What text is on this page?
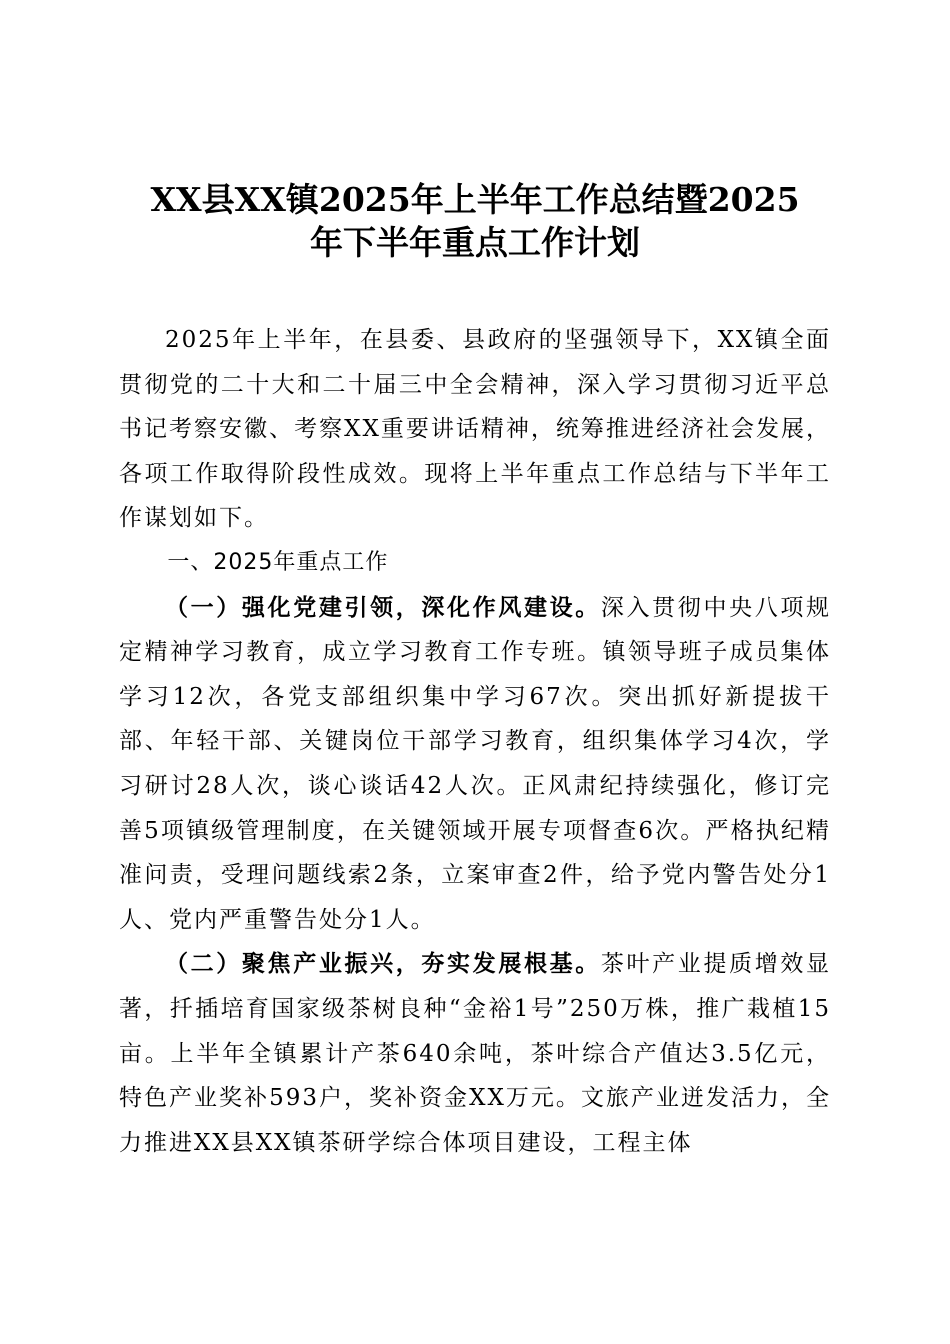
XX县XX镇2025年上半年工作总结暨2025
年下半年重点工作计划

2025年上半年，在县委、县政府的坚强领导下，XX镇全面贯彻党的二十大和二十届三中全会精神，深入学习贯彻习近平总书记考察安徽、考察XX重要讲话精神，统筹推进经济社会发展，各项工作取得阶段性成效。现将上半年重点工作总结与下半年工作谋划如下。

一、2025年重点工作

（一）强化党建引领，深化作风建设。深入贯彻中央八项规定精神学习教育，成立学习教育工作专班。镇领导班子成员集体学习12次，各党支部组织集中学习67次。突出抓好新提拔干部、年轻干部、关键岗位干部学习教育，组织集体学习4次，学习研讨28人次，谈心谈话42人次。正风肃纪持续强化，修订完善5项镇级管理制度，在关键领域开展专项督查6次。严格执纪精准问责，受理问题线索2条，立案审查2件，给予党内警告处分1人、党内严重警告处分1人。

（二）聚焦产业振兴，夯实发展根基。茶叶产业提质增效显著，扦插培育国家级茶树良种“金裕1号”250万株，推广栽植15亩。上半年全镇累计产茶640余吨，茶叶综合产值达3.5亿元，特色产业奖补593户，奖补资金XX万元。文旅产业迸发活力，全力推进XX县XX镇茶研学综合体项目建设，工程主体
